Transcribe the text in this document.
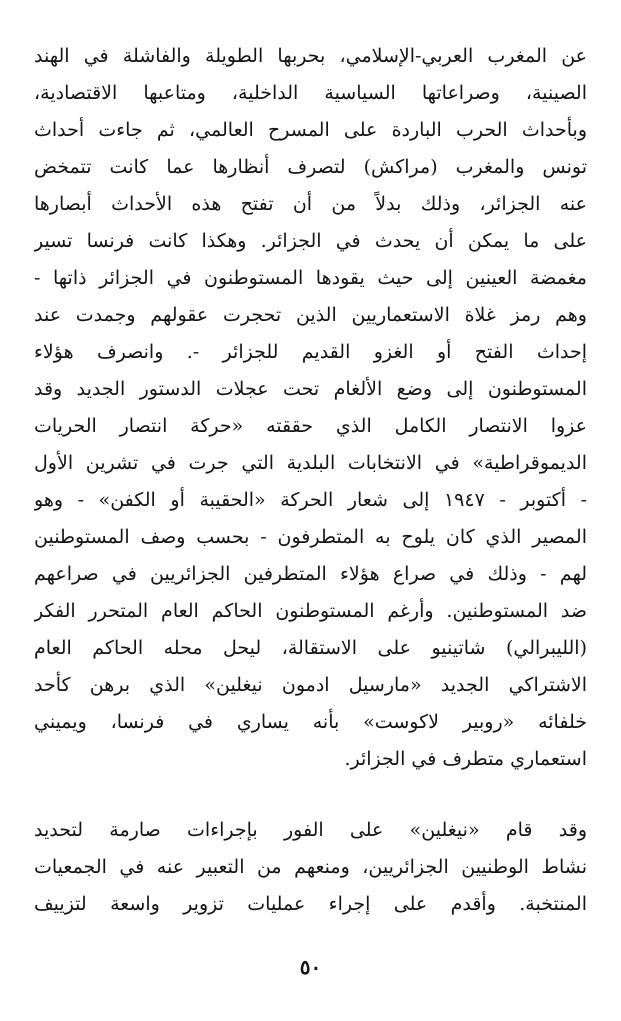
عن المغرب العربي-الإسلامي، بحربها الطويلة والفاشلة في الهند
الصينية، وصراعاتها السياسية الداخلية، ومتاعبها الاقتصادية،
وبأحداث الحرب الباردة على المسرح العالمي، ثم جاءت أحداث
تونس والمغرب (مراكش) لتصرف أنظارها عما كانت تتمخض
عنه الجزائر، وذلك بدلاً من أن تفتح هذه الأحداث أبصارها
على ما يمكن أن يحدث في الجزائر. وهكذا كانت فرنسا تسير
مغمضة العينين إلى حيث يقودها المستوطنون في الجزائر ذاتها -
وهم رمز غلاة الاستعماريين الذين تحجرت عقولهم وجمدت عند
إحداث الفتح أو الغزو القديم للجزائر -. وانصرف هؤلاء
المستوطنون إلى وضع الألغام تحت عجلات الدستور الجديد وقد
عزوا الانتصار الكامل الذي حققته «حركة انتصار الحريات
الديموقراطية» في الانتخابات البلدية التي جرت في تشرين الأول
- أكتوبر - ١٩٤٧ إلى شعار الحركة «الحقيبة أو الكفن» - وهو
المصير الذي كان يلوح به المتطرفون - بحسب وصف المستوطنين
لهم - وذلك في صراع هؤلاء المتطرفين الجزائريين في صراعهم
ضد المستوطنين. وأرغم المستوطنون الحاكم العام المتحرر الفكر
(الليبرالي) شاتينيو على الاستقالة، ليحل محله الحاكم العام
الاشتراكي الجديد «مارسيل ادمون نيغلين» الذي برهن كأحد
خلفائه «روبير لاكوست» بأنه يساري في فرنسا، ويميني
استعماري متطرف في الجزائر.
وقد قام «نيغلين» على الفور بإجراءات صارمة لتحديد
نشاط الوطنيين الجزائريين، ومنعهم من التعبير عنه في الجمعيات
المنتخبة. وأقدم على إجراء عمليات تزوير واسعة لتزييف
٥٠
